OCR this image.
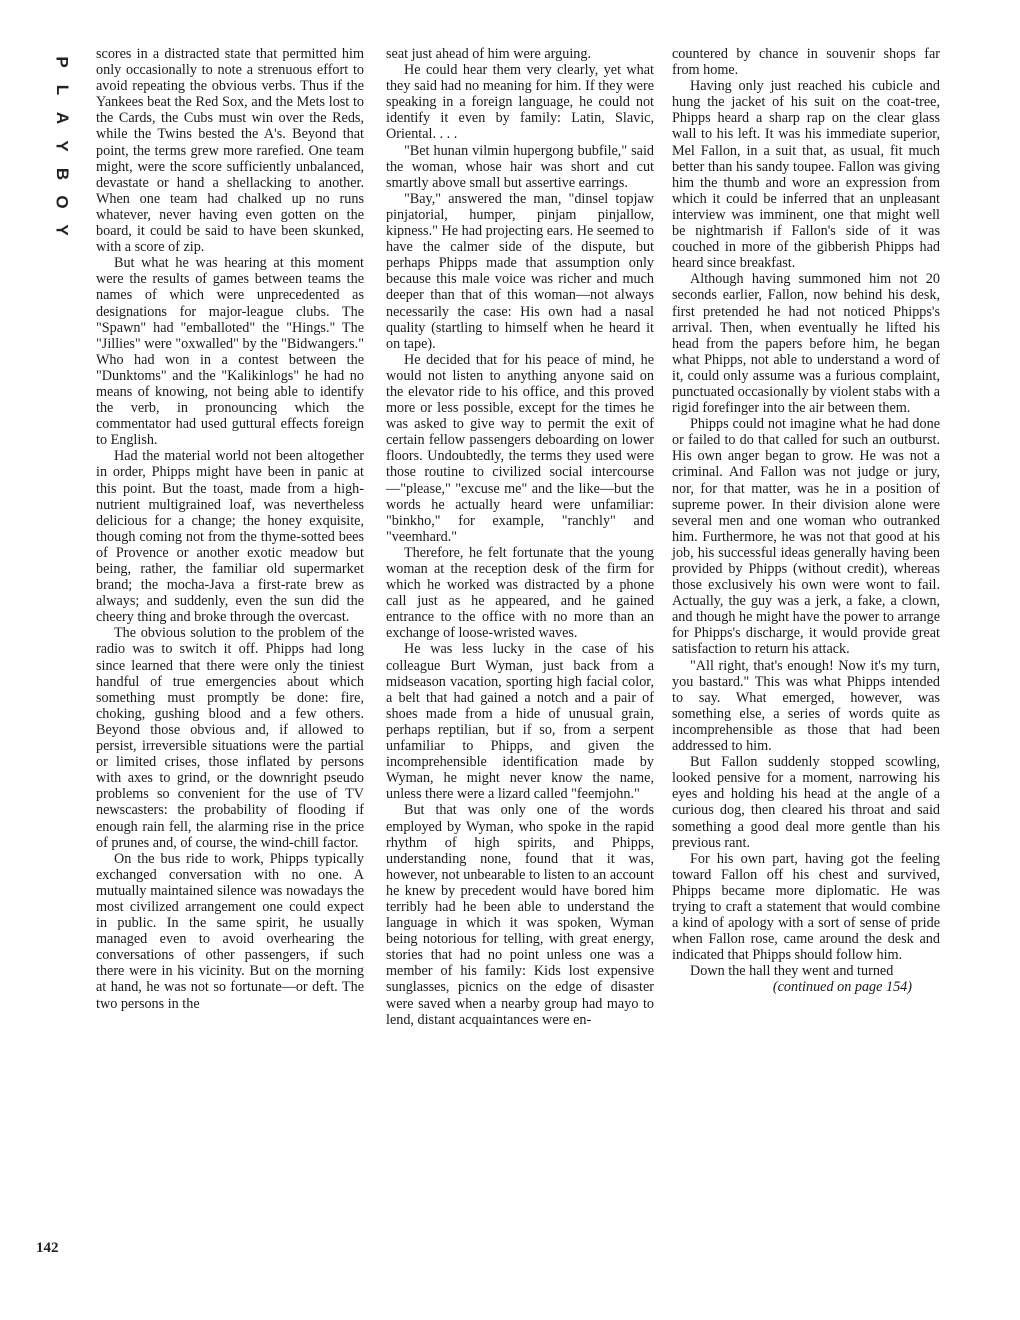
P
L
A
Y
B
O
Y

scores in a distracted state that permitted him only occasionally to note a strenuous effort to avoid repeating the obvious verbs. Thus if the Yankees beat the Red Sox, and the Mets lost to the Cards, the Cubs must win over the Reds, while the Twins bested the A's. Beyond that point, the terms grew more rarefied. One team might, were the score sufficiently unbalanced, devastate or hand a shellacking to another. When one team had chalked up no runs whatever, never having even gotten on the board, it could be said to have been skunked, with a score of zip.

But what he was hearing at this moment were the results of games between teams the names of which were unprecedented as designations for major-league clubs. The "Spawn" had "emballoted" the "Hings." The "Jillies" were "oxwalled" by the "Bidwangers." Who had won in a contest between the "Dunktoms" and the "Kalikinlogs" he had no means of knowing, not being able to identify the verb, in pronouncing which the commentator had used guttural effects foreign to English.

Had the material world not been altogether in order, Phipps might have been in panic at this point. But the toast, made from a high-nutrient multigrained loaf, was nevertheless delicious for a change; the honey exquisite, though coming not from the thyme-sotted bees of Provence or another exotic meadow but being, rather, the familiar old supermarket brand; the mocha-Java a first-rate brew as always; and suddenly, even the sun did the cheery thing and broke through the overcast.

The obvious solution to the problem of the radio was to switch it off. Phipps had long since learned that there were only the tiniest handful of true emergencies about which something must promptly be done: fire, choking, gushing blood and a few others. Beyond those obvious and, if allowed to persist, irreversible situations were the partial or limited crises, those inflated by persons with axes to grind, or the downright pseudo problems so convenient for the use of TV newscasters: the probability of flooding if enough rain fell, the alarming rise in the price of prunes and, of course, the wind-chill factor.

On the bus ride to work, Phipps typically exchanged conversation with no one. A mutually maintained silence was nowadays the most civilized arrangement one could expect in public. In the same spirit, he usually managed even to avoid overhearing the conversations of other passengers, if such there were in his vicinity. But on the morning at hand, he was not so fortunate—or deft. The two persons in the

seat just ahead of him were arguing.

He could hear them very clearly, yet what they said had no meaning for him. If they were speaking in a foreign language, he could not identify it even by family: Latin, Slavic, Oriental. . . .

"Bet hunan vilmin hupergong bubfile," said the woman, whose hair was short and cut smartly above small but assertive earrings.

"Bay," answered the man, "dinsel topjaw pinjatorial, humper, pinjam pinjallow, kipness." He had projecting ears. He seemed to have the calmer side of the dispute, but perhaps Phipps made that assumption only because this male voice was richer and much deeper than that of this woman—not always necessarily the case: His own had a nasal quality (startling to himself when he heard it on tape).

He decided that for his peace of mind, he would not listen to anything anyone said on the elevator ride to his office, and this proved more or less possible, except for the times he was asked to give way to permit the exit of certain fellow passengers deboarding on lower floors. Undoubtedly, the terms they used were those routine to civilized social intercourse—"please," "excuse me" and the like—but the words he actually heard were unfamiliar: "binkho," for example, "ranchly" and "veemhard."

Therefore, he felt fortunate that the young woman at the reception desk of the firm for which he worked was distracted by a phone call just as he appeared, and he gained entrance to the office with no more than an exchange of loose-wristed waves.

He was less lucky in the case of his colleague Burt Wyman, just back from a midseason vacation, sporting high facial color, a belt that had gained a notch and a pair of shoes made from a hide of unusual grain, perhaps reptilian, but if so, from a serpent unfamiliar to Phipps, and given the incomprehensible identification made by Wyman, he might never know the name, unless there were a lizard called "feemjohn."

But that was only one of the words employed by Wyman, who spoke in the rapid rhythm of high spirits, and Phipps, understanding none, found that it was, however, not unbearable to listen to an account he knew by precedent would have bored him terribly had he been able to understand the language in which it was spoken, Wyman being notorious for telling, with great energy, stories that had no point unless one was a member of his family: Kids lost expensive sunglasses, picnics on the edge of disaster were saved when a nearby group had mayo to lend, distant acquaintances were en-

countered by chance in souvenir shops far from home.

Having only just reached his cubicle and hung the jacket of his suit on the coat-tree, Phipps heard a sharp rap on the clear glass wall to his left. It was his immediate superior, Mel Fallon, in a suit that, as usual, fit much better than his sandy toupee. Fallon was giving him the thumb and wore an expression from which it could be inferred that an unpleasant interview was imminent, one that might well be nightmarish if Fallon's side of it was couched in more of the gibberish Phipps had heard since breakfast.

Although having summoned him not 20 seconds earlier, Fallon, now behind his desk, first pretended he had not noticed Phipps's arrival. Then, when eventually he lifted his head from the papers before him, he began what Phipps, not able to understand a word of it, could only assume was a furious complaint, punctuated occasionally by violent stabs with a rigid forefinger into the air between them.

Phipps could not imagine what he had done or failed to do that called for such an outburst. His own anger began to grow. He was not a criminal. And Fallon was not judge or jury, nor, for that matter, was he in a position of supreme power. In their division alone were several men and one woman who outranked him. Furthermore, he was not that good at his job, his successful ideas generally having been provided by Phipps (without credit), whereas those exclusively his own were wont to fail. Actually, the guy was a jerk, a fake, a clown, and though he might have the power to arrange for Phipps's discharge, it would provide great satisfaction to return his attack.

"All right, that's enough! Now it's my turn, you bastard." This was what Phipps intended to say. What emerged, however, was something else, a series of words quite as incomprehensible as those that had been addressed to him.

But Fallon suddenly stopped scowling, looked pensive for a moment, narrowing his eyes and holding his head at the angle of a curious dog, then cleared his throat and said something a good deal more gentle than his previous rant.

For his own part, having got the feeling toward Fallon off his chest and survived, Phipps became more diplomatic. He was trying to craft a statement that would combine a kind of apology with a sort of sense of pride when Fallon rose, came around the desk and indicated that Phipps should follow him.

Down the hall they went and turned

(continued on page 154)

142
